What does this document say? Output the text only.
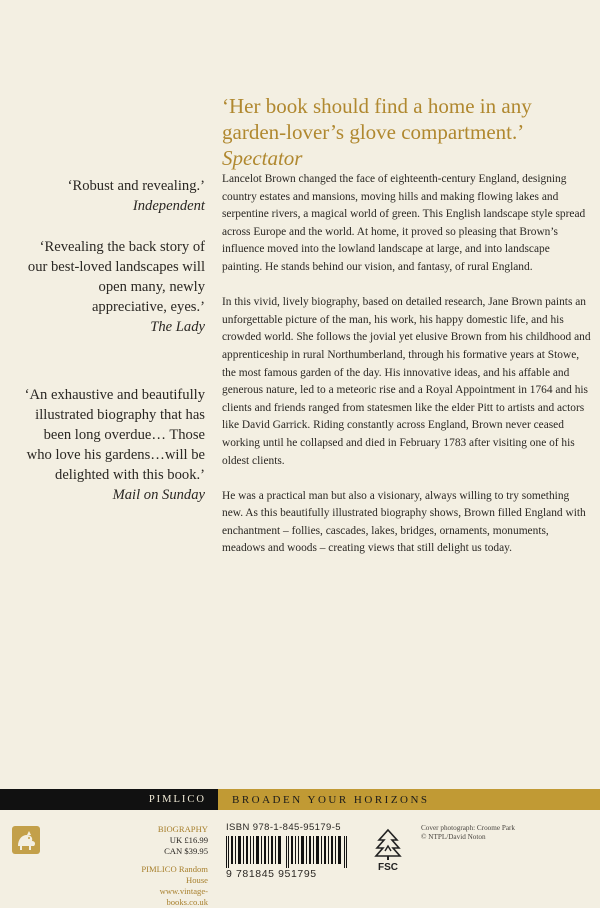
‘Her book should find a home in any garden-lover’s glove compartment.’
Spectator
‘Robust and revealing.’
Independent
‘Revealing the back story of our best-loved landscapes will open many, newly appreciative, eyes.’
The Lady
‘An exhaustive and beautifully illustrated biography that has been long overdue… Those who love his gardens…will be delighted with this book.’
Mail on Sunday

Lancelot Brown changed the face of eighteenth-century England, designing country estates and mansions, moving hills and making flowing lakes and serpentine rivers, a magical world of green. This English landscape style spread across Europe and the world. At home, it proved so pleasing that Brown’s influence moved into the lowland landscape at large, and into landscape painting. He stands behind our vision, and fantasy, of rural England.

In this vivid, lively biography, based on detailed research, Jane Brown paints an unforgettable picture of the man, his work, his happy domestic life, and his crowded world. She follows the jovial yet elusive Brown from his childhood and apprenticeship in rural Northumberland, through his formative years at Stowe, the most famous garden of the day. His innovative ideas, and his affable and generous nature, led to a meteoric rise and a Royal Appointment in 1764 and his clients and friends ranged from statesmen like the elder Pitt to artists and actors like David Garrick. Riding constantly across England, Brown never ceased working until he collapsed and died in February 1783 after visiting one of his oldest clients.

He was a practical man but also a visionary, always willing to try something new. As this beautifully illustrated biography shows, Brown filled England with enchantment – follies, cascades, lakes, bridges, ornaments, monuments, meadows and woods – creating views that still delight us today.

PIMLICO	BROADEN YOUR HORIZONS
BIOGRAPHY
UK £16.99
CAN $39.95
PIMLICO Random House
www.vintage-books.co.uk
ISBN 978-1-845-95179-5
9 781845 951795
FSC
Cover photograph: Croome Park
© NTPL/David Noton
